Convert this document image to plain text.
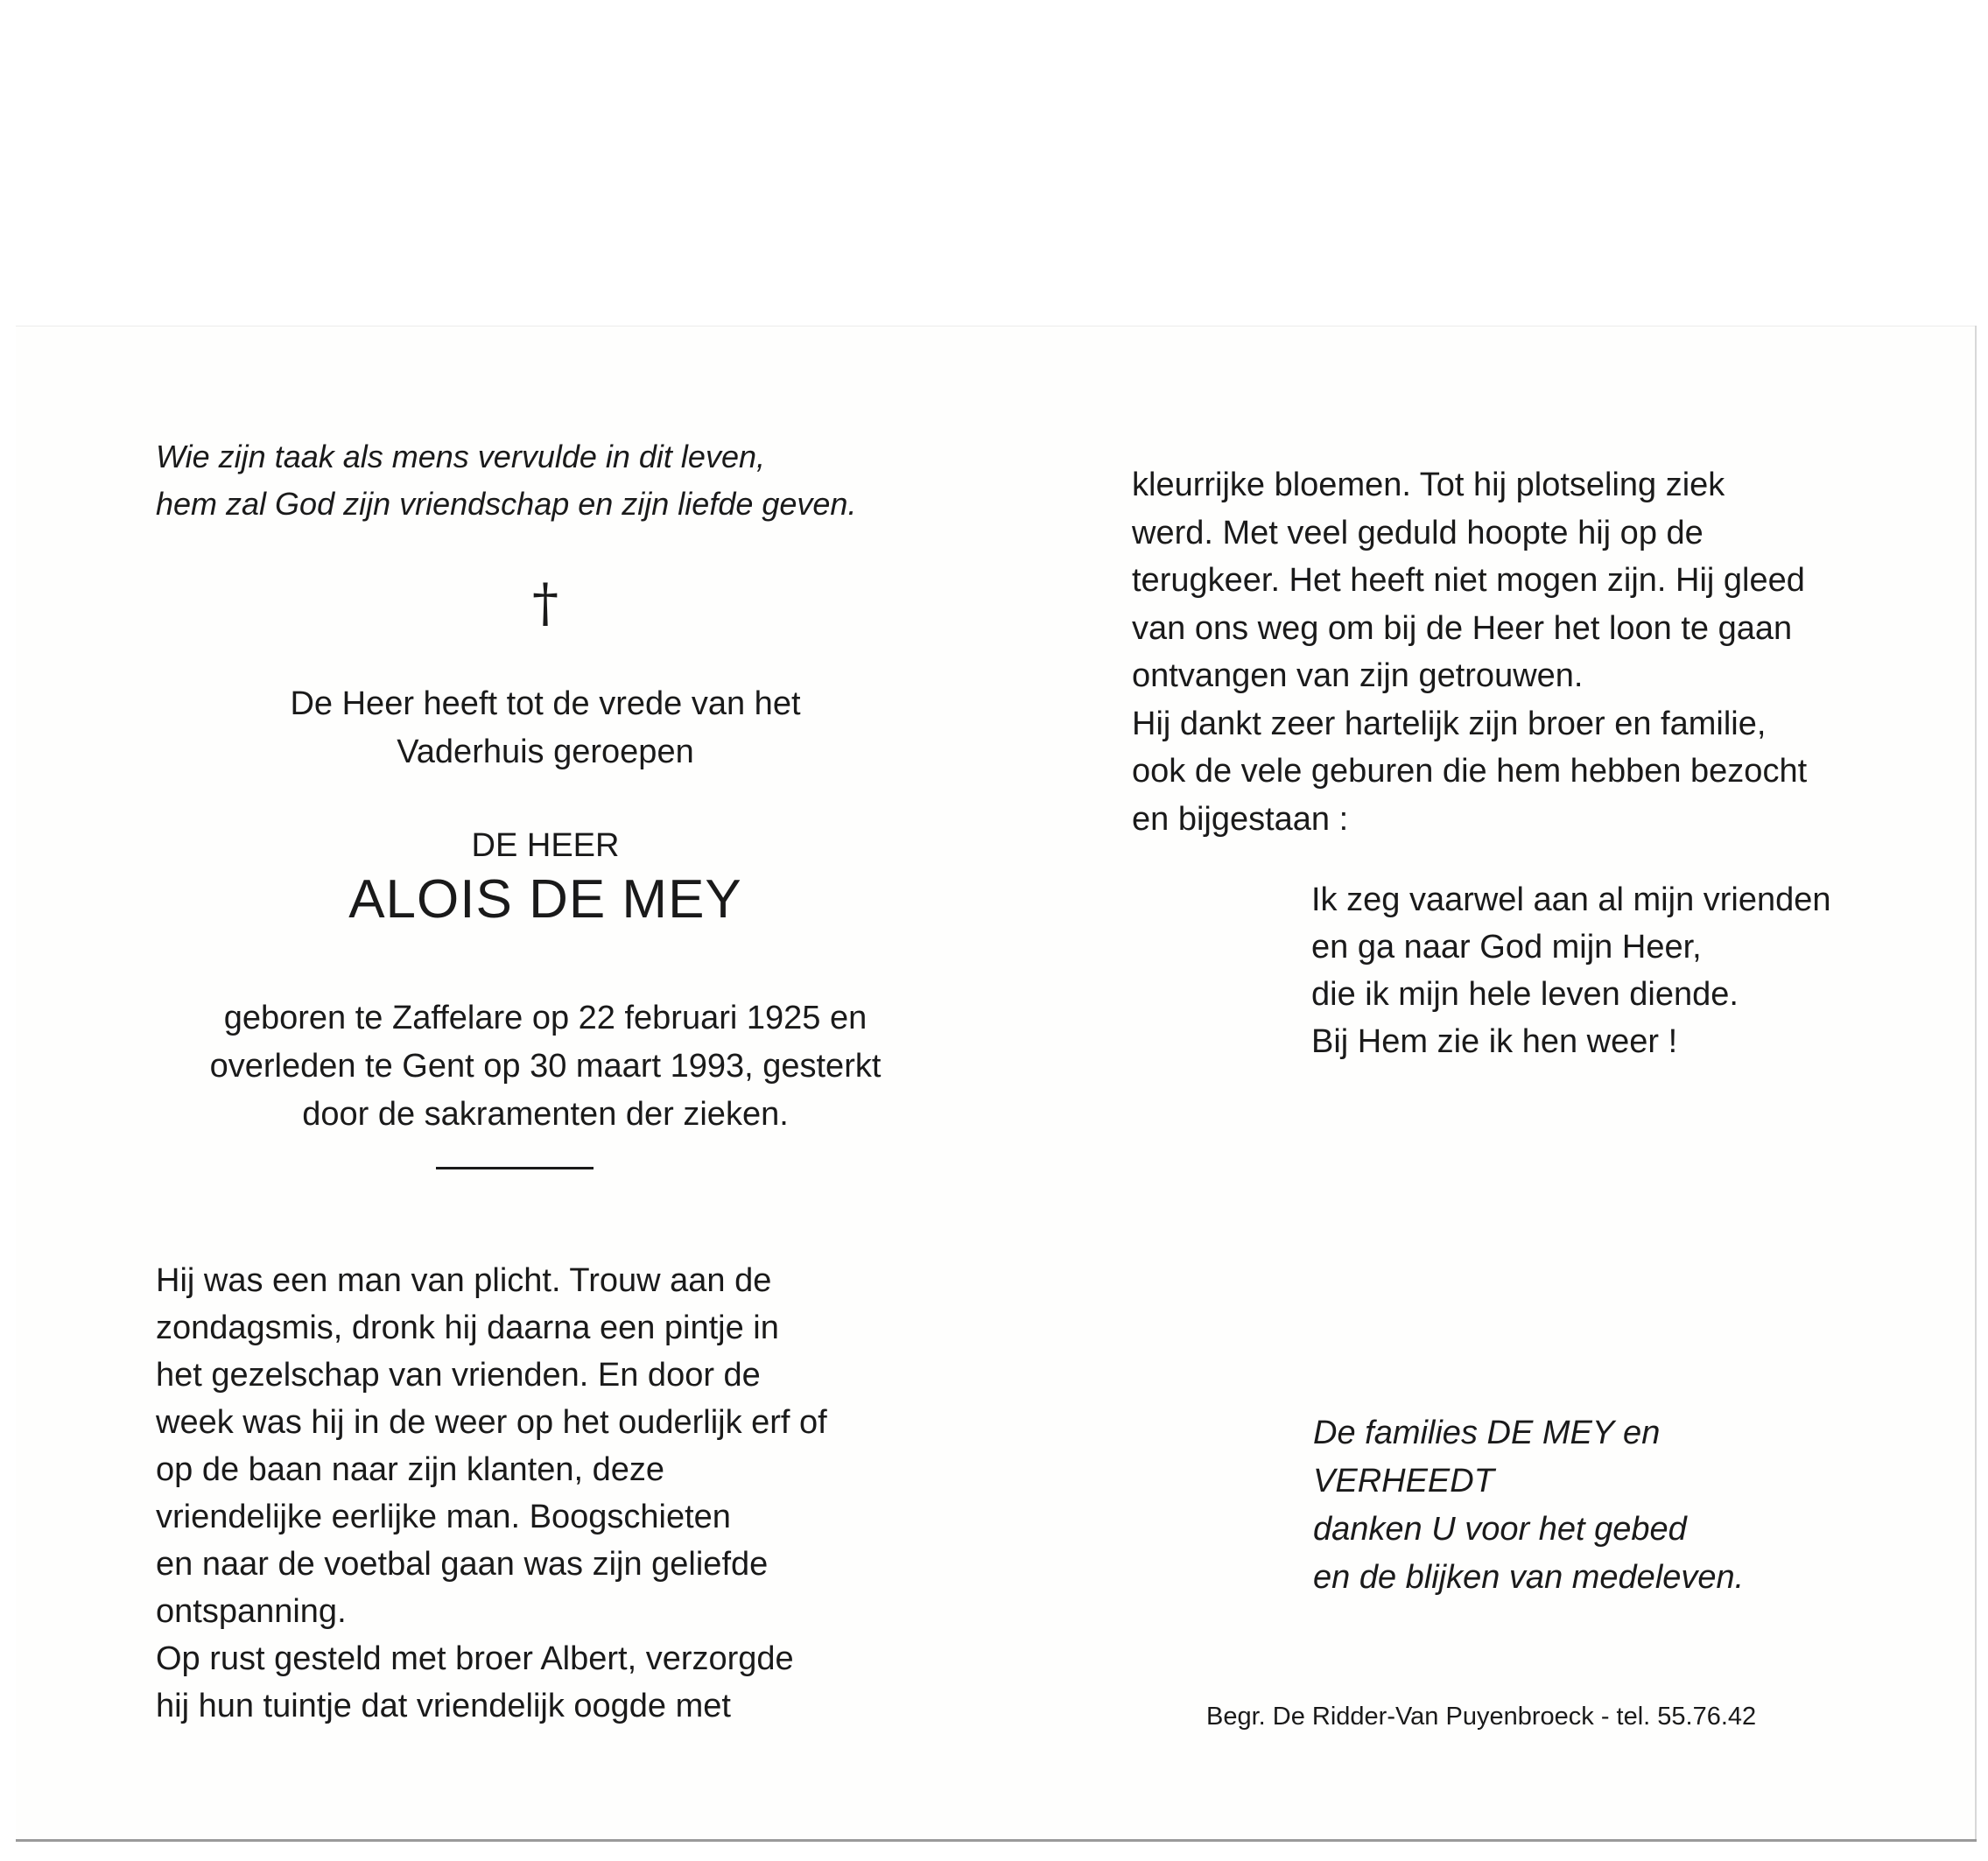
Wie zijn taak als mens vervulde in dit leven,
hem zal God zijn vriendschap en zijn liefde geven.
†
De Heer heeft tot de vrede van het
Vaderhuis geroepen
DE HEER
ALOIS DE MEY
geboren te Zaffelare op 22 februari 1925 en
overleden te Gent op 30 maart 1993, gesterkt
door de sakramenten der zieken.

Hij was een man van plicht. Trouw aan de

zondagsmis, dronk hij daarna een pintje in

het gezelschap van vrienden. En door de

week was hij in de weer op het ouderlijk erf of

op de baan naar zijn klanten, deze

vriendelijke eerlijke man. Boogschieten

en naar de voetbal gaan was zijn geliefde

ontspanning.

Op rust gesteld met broer Albert, verzorgde

hij hun tuintje dat vriendelijk oogde met

kleurrijke bloemen. Tot hij plotseling ziek

werd. Met veel geduld hoopte hij op de

terugkeer. Het heeft niet mogen zijn. Hij gleed

van ons weg om bij de Heer het loon te gaan

ontvangen van zijn getrouwen.

Hij dankt zeer hartelijk zijn broer en familie,

ook de vele geburen die hem hebben bezocht

en bijgestaan :

Ik zeg vaarwel aan al mijn vrienden

en ga naar God mijn Heer,

die ik mijn hele leven diende.

Bij Hem zie ik hen weer !

De families DE MEY en

VERHEEDT

danken U voor het gebed

en de blijken van medeleven.

Begr. De Ridder-Van Puyenbroeck - tel. 55.76.42
